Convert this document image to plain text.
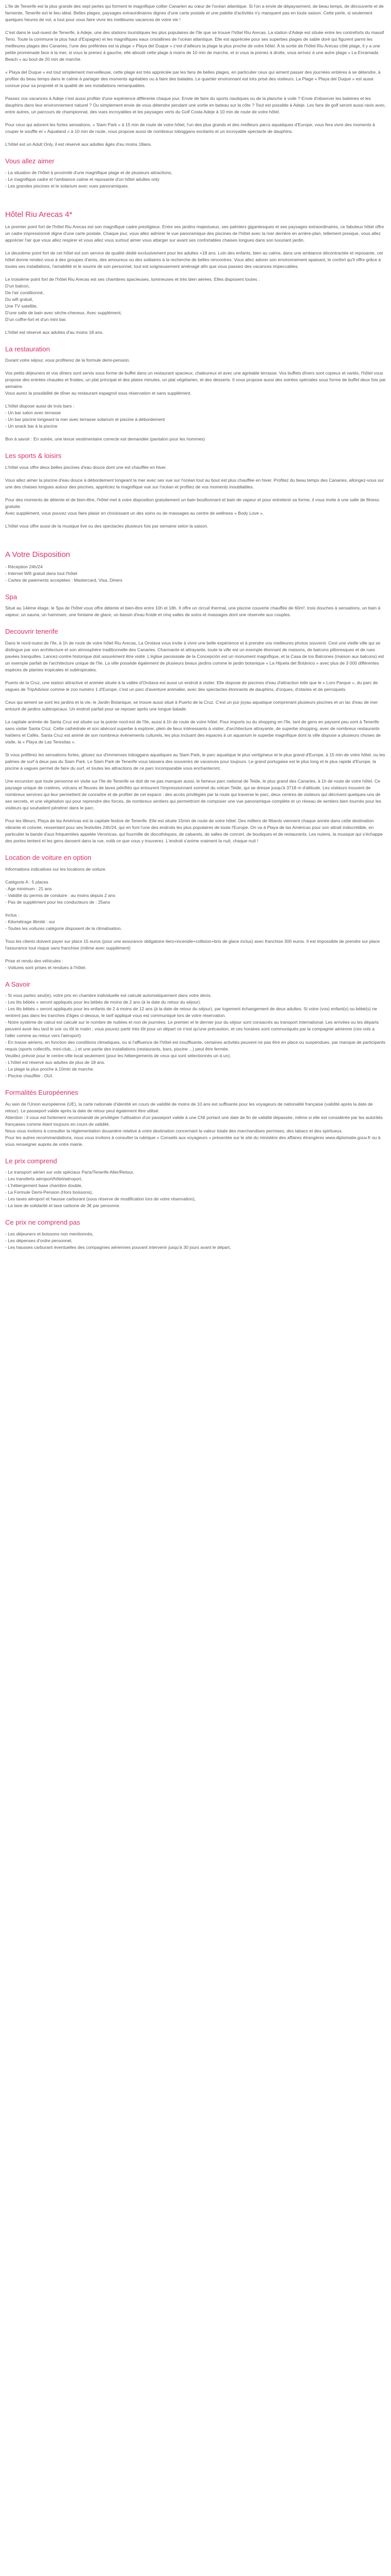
L'île de Tenerife est la plus grande des sept perles qui forment le magnifique collier Canarien au cœur de l'océan atlantique. Si l'on a envie de dépaysement, de beau temps, de découverte et de farniente, Tenerife est le lieu idéal. Belles plages, paysages extraordinaires dignes d'une carte postale et une palette d'activités n'y manquent pas en toute saison. Cette perle, si seulement quelques heures de vol, a tout pour vous faire vivre les meilleures vacances de votre vie !

C'est dans le sud-ouest de Tenerife, à Adeje, une des stations touristiques les plus populaires de l'île que se trouve l'hôtel Riu Arecas. La station d'Adeje est située entre les contreforts du massif Teno. Toute la commune la plus haut d'Espagne) et les magnifiques eaux cristallines de l'océan atlantique. Elle est appréciée pour ses superbes plages de sable doré qui figurent parmi les meilleures plages des Canaries, l'une des préférées est la plage « Playa del Duque » c'est d'ailleurs la plage la plus proche de votre hôtel. À la sortie de l'hôtel Riu Arecas côté plage, il y a une petite promenade face à la mer, si vous la prenez à gauche, elle aboutit cette plage à moins de 10 min de marche, et si vous la prenez à droite, vous arrivez à une autre plage « La Enramada Beach » au bout de 20 min de marche.

« Playa del Duque » est tout simplement merveilleuse, cette plage est très appréciée par les fans de belles plages, en particulier ceux qui aiment passer des journées entières à se détendre, à profiter du beau temps dans le calme à partager des moments agréables ou à faire des balades. Le quartier environnant est très prisé des visiteurs. La Plage « Playa del Duque » est aussi connue pour sa propreté et la qualité de ses installations remarquables.

Passez vos vacances à Adeje c'est aussi profiter d'une expérience différente chaque jour. Envie de faire du sports nautiques ou de la planche à voile ? Envie d'observer les baleines et les dauphins dans leur environnement naturel ? Ou simplement envie de vous détendre pendant une sortie en bateau sur la côte ? Tout est possible à Adeje. Les fans de golf seront aussi ravis avec, entre autres, un parcours de championnat, des vues incroyables et les paysages verts du Golf Costa Adeje à 10 min de route de votre hôtel.

Pour ceux qui adorent les fortes sensations, « Siam Park » à 15 min de route de votre hôtel, l'un des plus grands et des meilleurs parcs aquatiques d'Europe, vous fera vivre des moments à couper le souffle et « Aqualand » à 10 min de route, vous propose aussi de nombreux toboggans excitants et un incroyable spectacle de dauphins.

L'hôtel est un Adult Only, il est réservé aux adultes âgés d'au moins 18ans.

Vous allez aimer
- La situation de l'hôtel à proximité d'une magnifique plage et de plusieurs attractions,
- Le magnifique cadre et l'ambiance calme et reposante d'un hôtel adultes only
- Les grandes piscines et le solarium avec vues panoramiques.
Hôtel Riu Arecas 4*

Le premier point fort de l'hôtel Riu Arecas est son magnifique cadre prestigieux. Entre ses jardins majestueux, ses palmiers gigantesques et ses paysages extraordinaires, ce fabuleux hôtel offre un cadre impressionné digne d'une carte postale. Chaque jour, vous allez admirer le vue panoramique des piscines de l'hôtel avec la mer derrière en arrière-plan, tellement presque, vous allez apprécier l'air que vous allez respirer et vous allez vous surtout aimer vous attarger sur avant ses confortables chaises longues dans son luxuriant jardin.

Le deuxième point fort de cet hôtel est son service de qualité dédié exclusivement pour les adultes +18 ans. Loin des enfants, bien au calme, dans une ambiance décontractée et reposante, cet hôtel donne rendez-vous à des groupes d'amis, des amoureux ou des solitaires à la recherche de belles rencontres. Vous allez adorer son environnement apaisant, le confort qu'il offre grâce à toutes ses installations, l'amabilité et le sourire de son personnel, tout est soigneusement aménagé afin que vous passiez des vacances impeccables.

Le troisième point fort de l'hôtel Riu Arecas est ses chambres spacieuses, lumineuses et très bien aérées. Elles disposent toutes :
D'un balcon,
De l'air conditionné,
Du wifi gratuit,
Une TV satellite,
D'une salle de bain avec sèche-cheveux. Avec supplément,
D'un coffre-fort et d'un mini bar.

L'hôtel est réservé aux adultes d'au moins 18 ans.

La restauration

Durant votre séjour, vous profiterez de la formule demi-pension.

Vos petits déjeuners et vos dîners sont servis sous forme de buffet dans un restaurant spacieux, chaleureux et avec une agréable terrasse. Vos buffets dîners sont copieux et variés, l'hôtel vous propose des entrées chaudes et froides, un plat principal et des plates minutes, un plat végétarien, et des desserts. Il vous propose aussi des soirées spéciales sous forme de buffet deux fois par semaine.

Vous aurez la possibilité de dîner au restaurant espagnol sous réservation et sans supplément.

L'hôtel dispose aussi de trois bars :
- Un bar salon avec terrasse
- Un bar piscine longeant la mer avec terrasse solarium et piscine à débordement
- Un snack bar à la piscine

Bon à savoir : En soirée, une tenue vestimentaire correcte est demandée (pantalon pour les hommes)

Les sports & loisirs

L'hôtel vous offre deux belles piscines d'eau douce dont une est chauffée en hiver.

Vous allez aimer la piscine d'eau douce à débordement longeant la mer avec ses vue sur l'océan tout au bout est plus chauffée en hiver. Profitez du beau temps des Canaries, allongez-vous sur une des chaises longues autour des piscines, appréciez la magnifique vue sur l'océan et profitez de vos moments inoubliables.

Pour des moments de détente et de bien-être, l'hôtel met à votre disposition gratuitement un bain bouillonnant et bain de vapeur et pour entretenir sa forme, il vous invite à une salle de fitness gratuite.

Avec supplément, vous pouvez vous faire plaisir en choisissant un des soins ou de massages au centre de wellness « Body Love ».

L'hôtel vous offre aussi de la musique live ou des spectacles plusieurs fois par semaine selon la saison.

A Votre Disposition
- Réception 24h/24
- Internet Wifi gratuit dans tout l'hôtel
- Cartes de paiements acceptées : Mastercard, Visa, Diners
Spa

Situé au 14ème étage, le Spa de l'hôtel vous offre détente et bien-être entre 10h et 18h. Il offre un circuit thermal, une piscine couverte chauffée de 60m², trois douches à sensations, un bain à vapeur, un sauna, un hammam, une fontaine de glace, un bassin d'eau froide et cinq salles de soins et massages dont une réservée aux couples.

Decouvrir tenerife

Dans le nord-ouest de l'île, à 1h de route de votre hôtel Riu Arecas, La Orotava vous invite à vivre une belle expérience et à prendre vos meilleures photos souvenir. Cest une vieille ville qui se distingue par son architecture et son atmosphère traditionnelle des Canaries. Charmante et attrayante, toute la ville est un exemple étonnant de maisons, de balcons pittoresques et de rues pavées tranquilles. Lancez-contre historique doit assurément être visité. L'église paroissiale de la Concepción est un monument magnifique, et la Casa de los Balcones (maison aux balcons) est un exemple parfait de l'architecture unique de l'île. La ville possède également de plusieurs beaux jardins comme le jardin botanique « La Hijuela del Botánico » avec plus de 3 000 différentes espèces de plantes tropicales et subtropicales.

Puerto de la Cruz, une station attractive et animée située à la vallée d'Orotava est aussi un endroit à visiter. Elle dispose de piscines d'eau d'attraction telle que le « Loro Parque », du parc de vagues de TripAdvisor comme le zoo numéro 1 d'Europe, c'est un parc d'aventure animalier, avec des spectacles étonnants de dauphins, d'orques, d'otaries et de perroquets.

Ceux qui aiment se sont les jardins et la vie, le Jardin Botanique, se trouve aussi situé à Puerto de la Cruz. C'est un pur joyau aquatique comprenant plusieurs piscines et un lac d'eau de mer entouré de jardins subtropicaux. Un endroit parfait pour se reposer après une longue balade.

La capitale animée de Santa Cruz est située sur la pointe nord-est de l'île, aussi à 1h de route de votre hôtel. Pour imports ou du shopping en l'île, tant de gens en paysent peu sont à Tenerife sans visiter Santa Cruz. Cette cathédrale et son abécool superbe à explorer, plein de lieux intéressants à visiter, d'architecture attrayante, de superbe shopping, avec de nombreux restaurants haïtiens et Cafés. Santa Cruz est animé de son nombreux événements culturels, les plus incluant des espaces à un aquarium le superbe magnifique dont la ville dispose a plusieurs choses de visite, la « Playa de Las Teresitas ».

Si vous préférez les sensations fortes, glissez sur d'immenses toboggans aquatiques au Siam Park, le parc aquatique le plus vertigineux et le plus grand d'Europe, à 15 min de votre hôtel, ou les palmes de surf à deux pas du Siam Park. Le Siam Park de Tenerife vous laissera des souvenirs de vacances pour toujours. Le grand portugaise est le plus long et le plus rapide d'Europe, la piscine à vagues permet de faire du surf, et toutes les attractions de ce parc incomparable vous enchanteront.

Une excursion que toute personne en visite sur l'île de Tenerife se doit de ne pas manquer aussi, le fameux parc national de Teide, le plus grand des Canaries, à 1h de route de votre hôtel. Ce paysage unique de cratères, volcans et fleuves de laves pétrifiés qui entourent l'impressionnant sommet du volcan Teide, qui se dresse jusqu'à 3718 m d'altitude. Les visiteurs trouvent de nombreux services qui leur permettent de connaître et de profiter de cet espace : des accès privilégiés par la route qui traverse le parc, deux centres de visiteurs qui décrivent quelques-uns de ses secrets, et une végétation qui pour reprendre des forces, de nombreux sentiers qui permettront de composer une vue panoramique complète et un réseau de sentiers bien tournés pour les visiteurs qui souhaitent pénétrer dans le parc.

Pour les lilleurs, Playa de las Américas est la capitale festive de Tenerife. Elle est située 15min de route de votre hôtel. Des milliers de fêtards viennent chaque année dans cette destination vibrante et colorée, ressentant pour ses festivités 24h/24, qui en font l'une des endroits les plus populaires de toute l'Europe. On va à Playa de las Américas pour son attrait indiscrétible, en particulier la bande d'aux fréquentées appelée Veronicas, qui fourmille de discothèques, de cabarets, de salles de concert, de boutiques et de restaurants. Les nuiens, la musique qui s'échappe des portes tentent et les gens dansent dans la rue, voilà ce que vous y trouverez. L'endroit s'anime vraiment la nuit, chaque nuit !

Location de voiture en option

Informations indicatives sur les locations de voiture.

Catégorie A : 5 places
- Age minimum : 21 ans
- Validité du permis de conduire : au moins depuis 2 ans
- Pas de supplément pour les conducteurs de : 25ans
Inclus :
- Kilométrage illimité : oui
- Toutes les voitures catégorie disposent de la climatisation.

Tous les clients doivent payer sur place 15 euros (pour une assurance obligatoire tiers+incendie+collision+bris de glace inclus) avec franchise 300 euros. Il est impossible de prendre sur place l'assurance tout risque sans franchise (même avec supplément)

Prise et rendu des véhicules :
- Voitures sont prises et rendues à l'hôtel.
A Savoir
- Si vous partez seul(e), votre prix en chambre individuelle est calculé automatiquement dans votre devis.
- Les lits bébés « seront appliqués pour les bébés de moins de 2 ans (à la date du retour du séjour).
- Les lits bébés « seront appliqués pour les enfants de 2 à moins de 12 ans (à la date de retour du séjour), par logement échangement de deux adultes. Si votre (vos) enfant(s) ou bébé(s) ne rentrent pas dans les tranches d'âges ci-dessus, le tarif appliqué vous est communiqué lors de votre réservation.
- Notre système de calcul est calculé sur le nombre de nuitées et non de journées. Le premier et le dernier jour du séjour sont consacrés au transport international. Les arrivées ou les départs peuvent avoir lieu tard le soir ou tôt le matin ; vous pouvez partir très tôt pour un départ ce n'est qu'une précaution, et ces horaires sont communiqués par la compagnie aérienne (ces vols a l'aller comme au retour vers l'aéroport).
- En trasse aériens, en fonction des conditions climatiques, ou si l'affluence de l'hôtel est insuffisante, certaines activités peuvent ne pas être en place ou suspendues, par manque de participants requis (sports collectifs, mini-club,...) et une partie des installations (restaurants, bars, piscine ...) peut être fermée.
Veuillez prévoir pour le centre-ville local seulement (pour les hébergements de ceux qui sont sélectionnés un à un).
- L'hôtel est réservé aux adultes de plus de 18 ans.
- La plage la plus proche à 10min de marche.
- Piscine chauffée : OUI.
Formalités Européennes

Au sein de l'Union européenne (UE), la carte nationale d'identité en cours de validité de moins de 10 ans est suffisante pour les voyageurs de nationalité française (validité après la date de retour). Le passeport valide après la date de retour peut également être utilisé.

Attention : il vous est fortement recommandé de privilégier l'utilisation d'un passeport valide à une CNI portant une date de fin de validité dépassée, même si elle est considérée par les autorités françaises comme étant toujours en cours de validité.

Nous vous invitons à consulter la réglementation douanière relative à votre destination concernant la valeur totale des marchandises permises, des tabacs et des spiritueux.

Pour les autres recommandations, nous vous invitons à consulter la rubrique « Conseils aux voyageurs » présentée sur le site du ministère des affaires étrangères www.diplomatie.gouv.fr ou à vous renseigner auprès de votre mairie.

Le prix comprend
- Le transport aérien sur vols spéciaux Paris/Tenerife Aller/Retour,
- Les transferts aéroport/hôtel/aéroport,
- L'hébergement base chambre double,
- La Formule Demi-Pension (Hors boissons),
- Les taxes aéroport et hausse carburant (sous réserve de modification lors de votre réservation),
- La taxe de solidarité et taxe carbone de 3€ par personne.
Ce prix ne comprend pas
- Les déjeuners et boissons non mentionnés,
- Les dépenses d'ordre personnel,
- Les hausses carburant éventuelles des compagnies aériennes pouvant intervenir jusqu'à 30 jours avant le départ,
